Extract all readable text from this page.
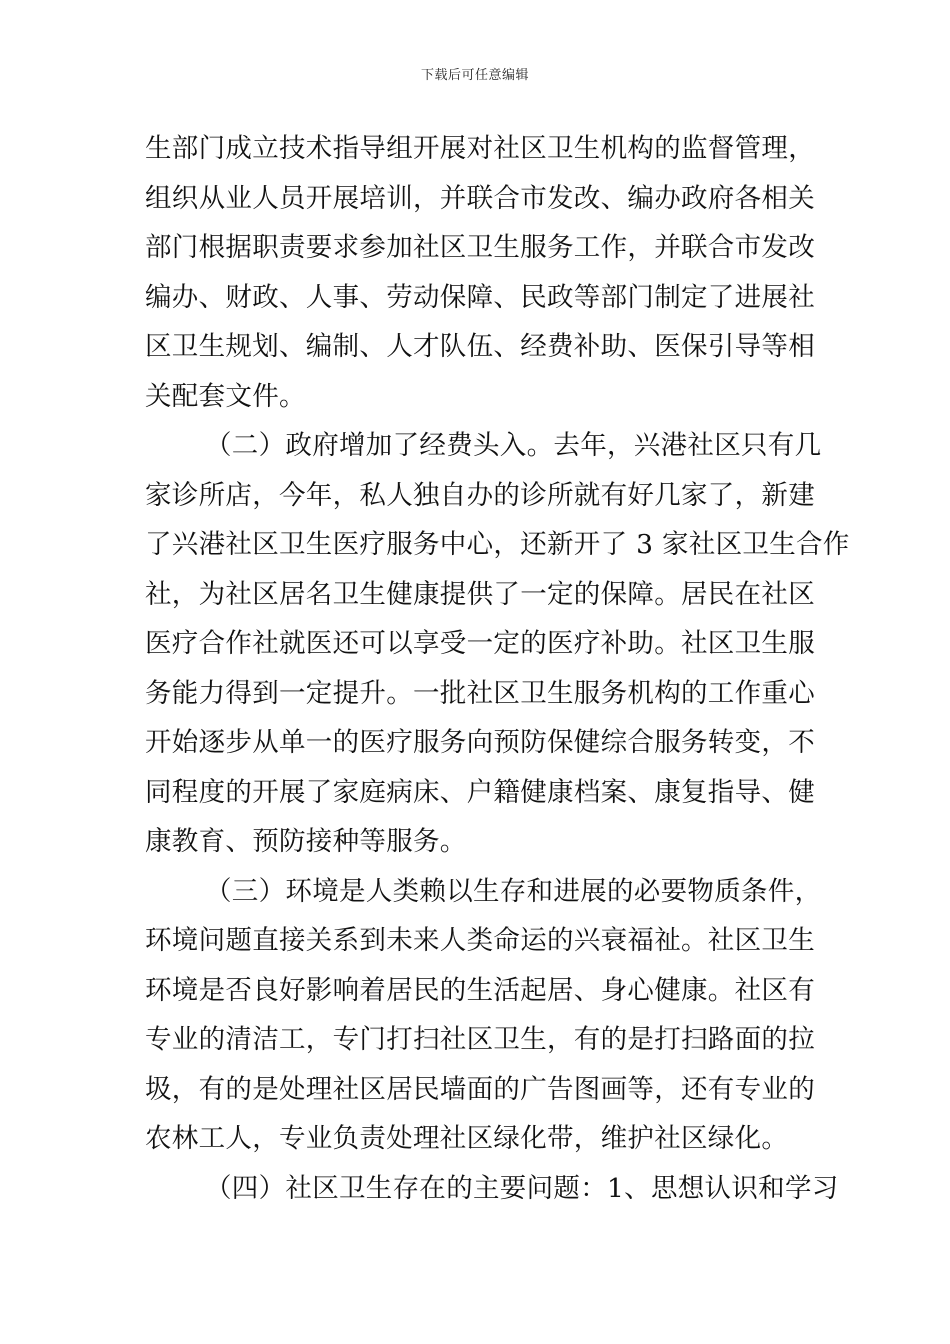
下载后可任意编辑

生部门成立技术指导组开展对社区卫生机构的监督管理，
组织从业人员开展培训，并联合市发改、编办政府各相关
部门根据职责要求参加社区卫生服务工作，并联合市发改
编办、财政、人事、劳动保障、民政等部门制定了进展社
区卫生规划、编制、人才队伍、经费补助、医保引导等相
关配套文件。

（二）政府增加了经费头入。去年，兴港社区只有几
家诊所店，今年，私人独自办的诊所就有好几家了，新建
了兴港社区卫生医疗服务中心，还新开了 3 家社区卫生合作
社，为社区居名卫生健康提供了一定的保障。居民在社区
医疗合作社就医还可以享受一定的医疗补助。社区卫生服
务能力得到一定提升。一批社区卫生服务机构的工作重心
开始逐步从单一的医疗服务向预防保健综合服务转变，不
同程度的开展了家庭病床、户籍健康档案、康复指导、健
康教育、预防接种等服务。

（三）环境是人类赖以生存和进展的必要物质条件，
环境问题直接关系到未来人类命运的兴衰福祉。社区卫生
环境是否良好影响着居民的生活起居、身心健康。社区有
专业的清洁工，专门打扫社区卫生，有的是打扫路面的拉
圾，有的是处理社区居民墙面的广告图画等，还有专业的
农林工人，专业负责处理社区绿化带，维护社区绿化。

（四）社区卫生存在的主要问题：1、思想认识和学习
